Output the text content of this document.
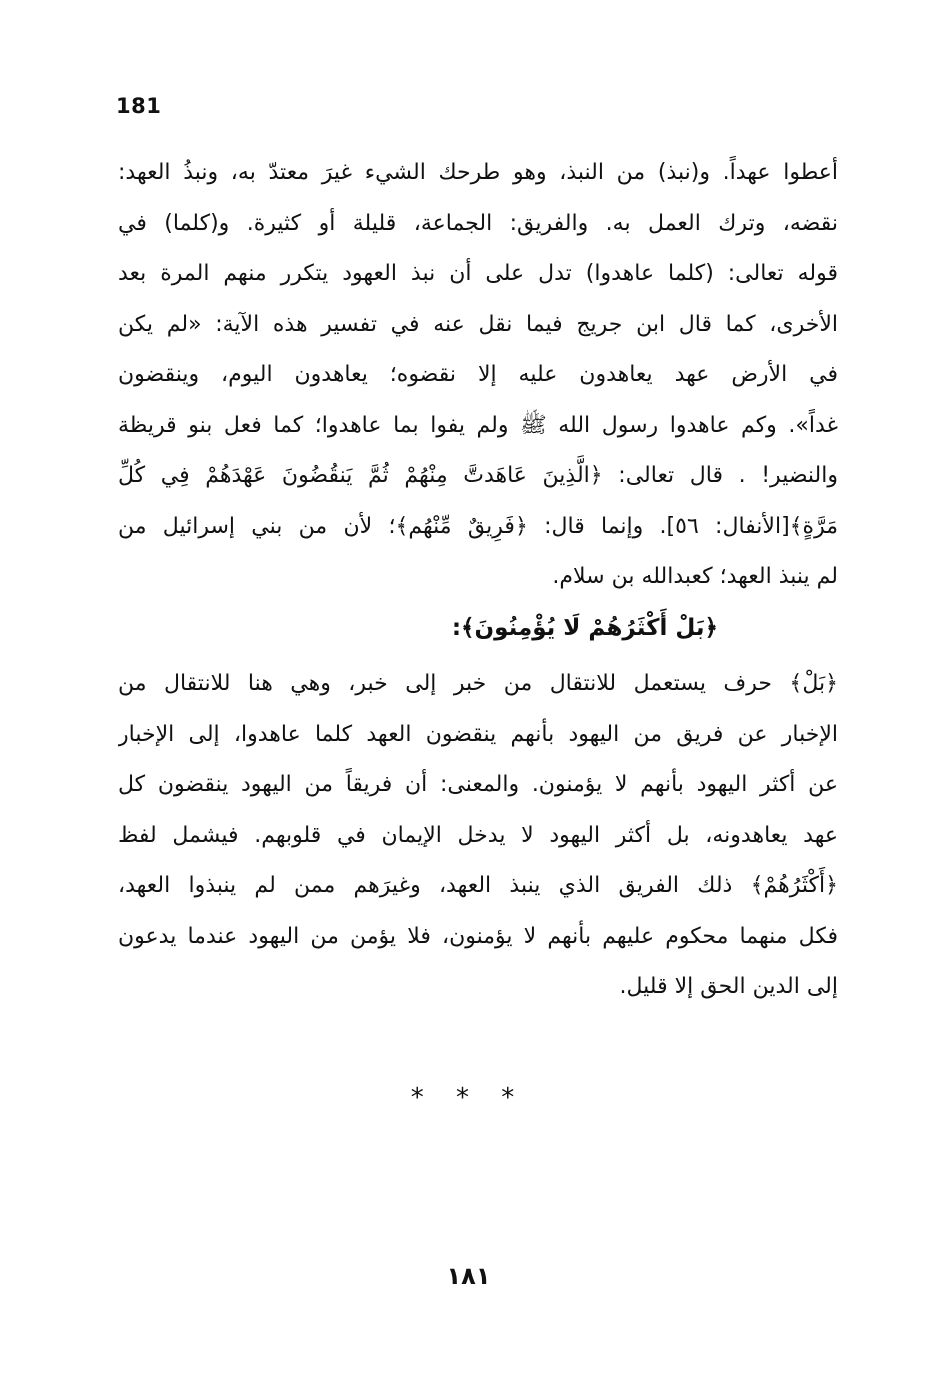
181
أعطوا عهداً. و(نبذ) من النبذ، وهو طرحك الشيء غيرَ معتدّ به، ونبذُ العهد:
نقضه، وترك العمل به. والفريق: الجماعة، قليلة أو كثيرة. و(كلما) في
قوله تعالى: (كلما عاهدوا) تدل على أن نبذ العهود يتكرر منهم المرة بعد
الأخرى، كما قال ابن جريج فيما نقل عنه في تفسير هذه الآية: «لم يكن
في الأرض عهد يعاهدون عليه إلا نقضوه؛ يعاهدون اليوم، وينقضون
غداً». وكم عاهدوا رسول الله ﷺ ولم يفوا بما عاهدوا؛ كما فعل بنو قريظة
والنضير! . قال تعالى: ﴿الَّذِينَ عَاهَدتَّ مِنْهُمْ ثُمَّ يَنقُضُونَ عَهْدَهُمْ فِي كُلِّ
مَرَّةٍ﴾[الأنفال: ٥٦]. وإنما قال: ﴿فَرِيقٌ مِّنْهُم﴾؛ لأن من بني إسرائيل من
لم ينبذ العهد؛ كعبدالله بن سلام.
﴿بَلْ أَكْثَرُهُمْ لَا يُؤْمِنُونَ﴾:
﴿بَلْ﴾ حرف يستعمل للانتقال من خبر إلى خبر، وهي هنا للانتقال من
الإخبار عن فريق من اليهود بأنهم ينقضون العهد كلما عاهدوا، إلى الإخبار
عن أكثر اليهود بأنهم لا يؤمنون. والمعنى: أن فريقاً من اليهود ينقضون كل
عهد يعاهدونه، بل أكثر اليهود لا يدخل الإيمان في قلوبهم. فيشمل لفظ
﴿أَكْثَرُهُمْ﴾ ذلك الفريق الذي ينبذ العهد، وغيرَهم ممن لم ينبذوا العهد،
فكل منهما محكوم عليهم بأنهم لا يؤمنون، فلا يؤمن من اليهود عندما يدعون
إلى الدين الحق إلا قليل.
* * *
١٨١
